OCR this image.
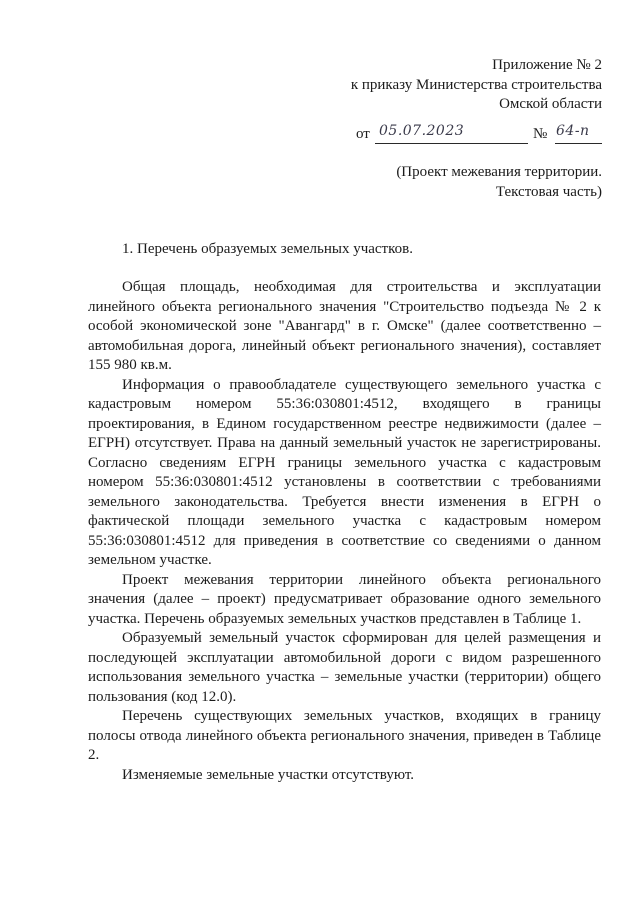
Приложение № 2
к приказу Министерства строительства
Омской области
от 05.07.2023	№ 64-п
(Проект межевания территории.
Текстовая часть)
1. Перечень образуемых земельных участков.

Общая площадь, необходимая для строительства и эксплуатации линейного объекта регионального значения "Строительство подъезда № 2 к особой экономической зоне "Авангард" в г. Омске" (далее соответственно – автомобильная дорога, линейный объект регионального значения), составляет 155 980 кв.м.

Информация о правообладателе существующего земельного участка с кадастровым номером 55:36:030801:4512, входящего в границы проектирования, в Едином государственном реестре недвижимости (далее – ЕГРН) отсутствует. Права на данный земельный участок не зарегистрированы. Согласно сведениям ЕГРН границы земельного участка с кадастровым номером 55:36:030801:4512 установлены в соответствии с требованиями земельного законодательства. Требуется внести изменения в ЕГРН о фактической площади земельного участка с кадастровым номером 55:36:030801:4512 для приведения в соответствие со сведениями о данном земельном участке.

Проект межевания территории линейного объекта регионального значения (далее – проект) предусматривает образование одного земельного участка. Перечень образуемых земельных участков представлен в Таблице 1.

Образуемый земельный участок сформирован для целей размещения и последующей эксплуатации автомобильной дороги с видом разрешенного использования земельного участка – земельные участки (территории) общего пользования (код 12.0).

Перечень существующих земельных участков, входящих в границу полосы отвода линейного объекта регионального значения, приведен в Таблице 2.

Изменяемые земельные участки отсутствуют.
